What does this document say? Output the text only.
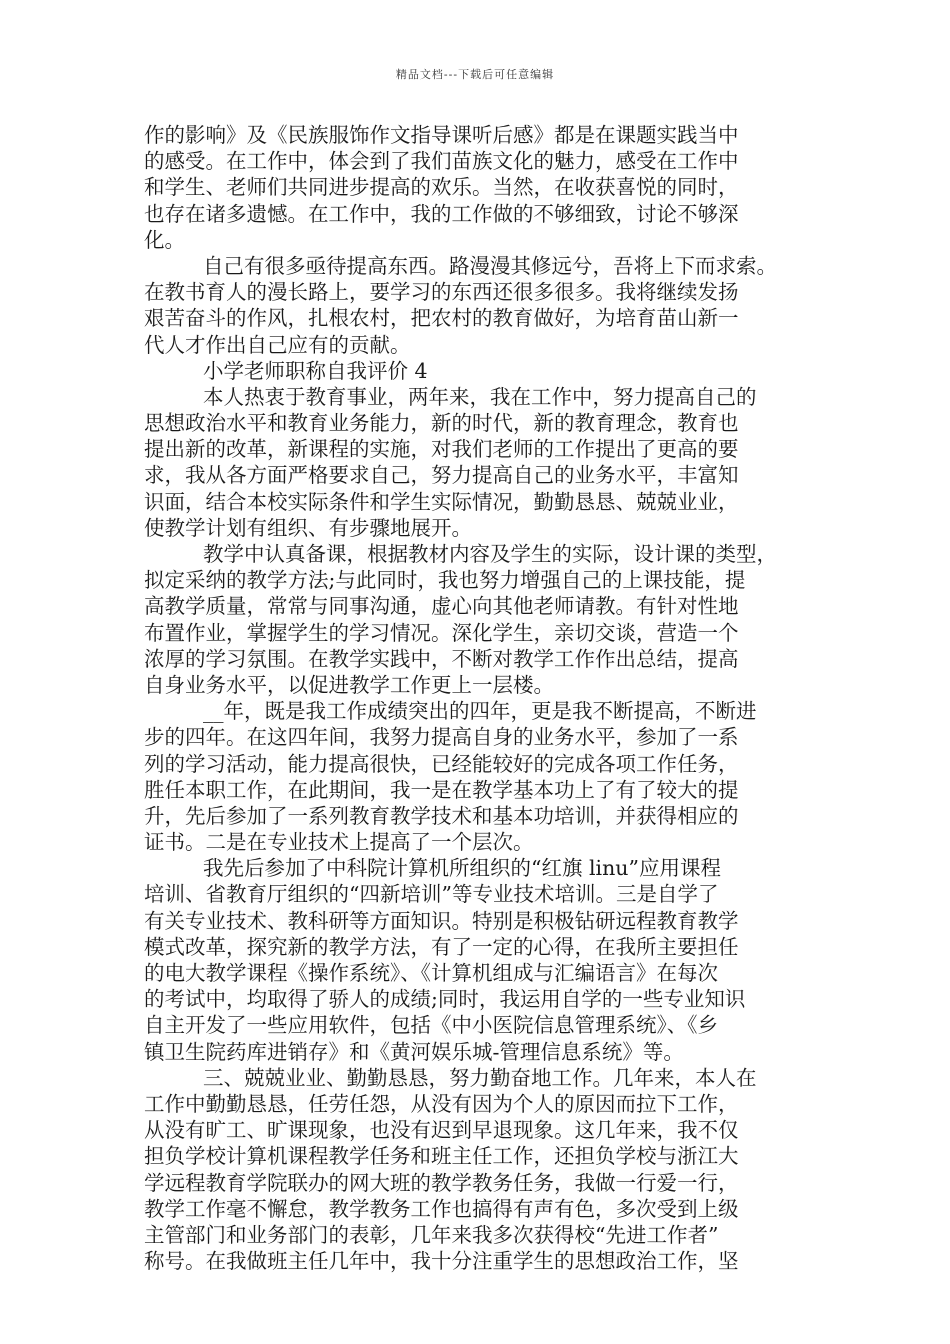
精品文档---下载后可任意编辑
作的影响》及《民族服饰作文指导课听后感》都是在课题实践当中
的感受。在工作中，体会到了我们苗族文化的魅力，感受在工作中
和学生、老师们共同进步提高的欢乐。当然，在收获喜悦的同时，
也存在诸多遗憾。在工作中，我的工作做的不够细致，讨论不够深
化。
自己有很多亟待提高东西。路漫漫其修远兮，吾将上下而求索。
在教书育人的漫长路上，要学习的东西还很多很多。我将继续发扬
艰苦奋斗的作风，扎根农村，把农村的教育做好，为培育苗山新一
代人才作出自己应有的贡献。
小学老师职称自我评价 4
本人热衷于教育事业，两年来，我在工作中，努力提高自己的
思想政治水平和教育业务能力，新的时代，新的教育理念，教育也
提出新的改革，新课程的实施，对我们老师的工作提出了更高的要
求，我从各方面严格要求自己，努力提高自己的业务水平，丰富知
识面，结合本校实际条件和学生实际情况，勤勤恳恳、兢兢业业，
使教学计划有组织、有步骤地展开。
教学中认真备课，根据教材内容及学生的实际，设计课的类型，
拟定采纳的教学方法;与此同时，我也努力增强自己的上课技能，提
高教学质量，常常与同事沟通，虚心向其他老师请教。有针对性地
布置作业，掌握学生的学习情况。深化学生，亲切交谈，营造一个
浓厚的学习氛围。在教学实践中，不断对教学工作作出总结，提高
自身业务水平，以促进教学工作更上一层楼。
__年，既是我工作成绩突出的四年，更是我不断提高，不断进
步的四年。在这四年间，我努力提高自身的业务水平，参加了一系
列的学习活动，能力提高很快，已经能较好的完成各项工作任务，
胜任本职工作，在此期间，我一是在教学基本功上了有了较大的提
升，先后参加了一系列教育教学技术和基本功培训，并获得相应的
证书。二是在专业技术上提高了一个层次。
我先后参加了中科院计算机所组织的“红旗 linu”应用课程
培训、省教育厅组织的“四新培训”等专业技术培训。三是自学了
有关专业技术、教科研等方面知识。特别是积极钻研远程教育教学
模式改革，探究新的教学方法，有了一定的心得，在我所主要担任
的电大教学课程《操作系统》、《计算机组成与汇编语言》在每次
的考试中，均取得了骄人的成绩;同时，我运用自学的一些专业知识
自主开发了一些应用软件，包括《中小医院信息管理系统》、《乡
镇卫生院药库进销存》和《黄河娱乐城-管理信息系统》等。
三、兢兢业业、勤勤恳恳，努力勤奋地工作。几年来，本人在
工作中勤勤恳恳，任劳任怨，从没有因为个人的原因而拉下工作，
从没有旷工、旷课现象，也没有迟到早退现象。这几年来，我不仅
担负学校计算机课程教学任务和班主任工作，还担负学校与浙江大
学远程教育学院联办的网大班的教学教务任务，我做一行爱一行，
教学工作毫不懈怠，教学教务工作也搞得有声有色，多次受到上级
主管部门和业务部门的表彰，几年来我多次获得校“先进工作者”
称号。在我做班主任几年中，我十分注重学生的思想政治工作，坚
